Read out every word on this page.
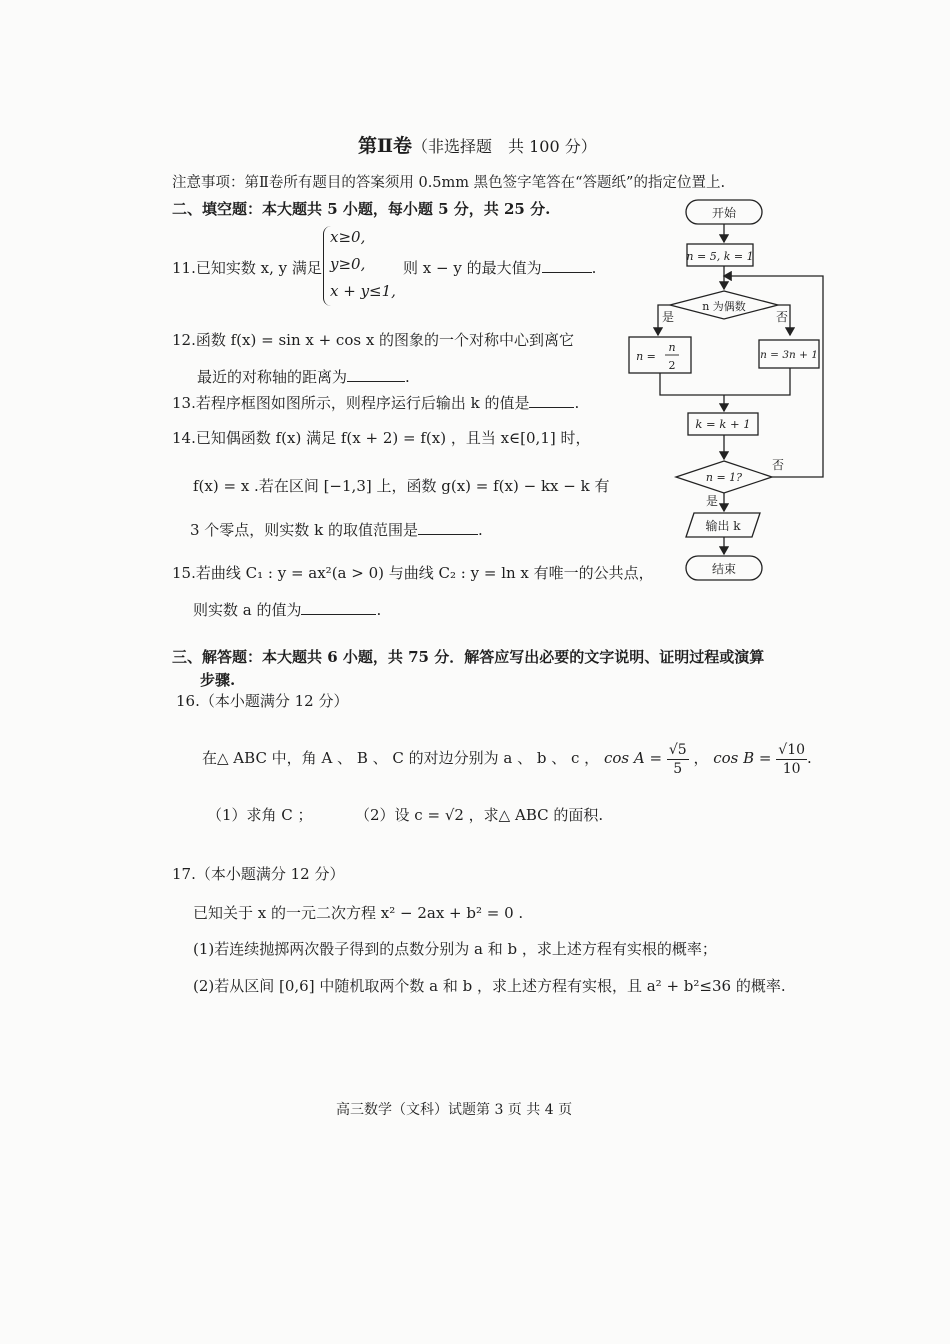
第Ⅱ卷（非选择题　共 100 分）
注意事项：第Ⅱ卷所有题目的答案须用 0.5mm 黑色签字笔答在“答题纸”的指定位置上.
二、填空题：本大题共 5 小题，每小题 5 分，共 25 分.
11.已知实数 x, y 满足
x≥0,
y≥0,
x + y≤1,
则 x − y 的最大值为	.
12.函数 f(x) = sin x + cos x 的图象的一个对称中心到离它
最近的对称轴的距离为	.
13.若程序框图如图所示，则程序运行后输出 k 的值是	.
14.已知偶函数 f(x) 满足 f(x + 2) = f(x) ，且当 x∈[0,1] 时，
f(x) = x .若在区间 [−1,3] 上，函数 g(x) = f(x) − kx − k 有
3 个零点，则实数 k 的取值范围是	.
15.若曲线 C₁ : y = ax²(a > 0) 与曲线 C₂ : y = ln x 有唯一的公共点，
则实数 a 的值为	.
开始
n = 5, k = 1
n 为偶数
是	否
n =
n
2
n = 3n + 1
k = k + 1
n = 1?
否
是
输出 k
结束
三、解答题：本大题共 6 小题，共 75 分．解答应写出必要的文字说明、证明过程或演算
步骤.
16.（本小题满分 12 分）
在△ ABC 中，角 A 、 B 、 C 的对边分别为 a 、 b 、 c ， $\cos A = \frac{√5}{5}$ ， $\cos B = \frac{√10}{10}$ .
（1）求角 C ；	（2）设 c = √2 ，求△ ABC 的面积.
17.（本小题满分 12 分）
已知关于 x 的一元二次方程 x² − 2ax + b² = 0 .
(1)若连续抛掷两次骰子得到的点数分别为 a 和 b ，求上述方程有实根的概率；
(2)若从区间 [0,6] 中随机取两个数 a 和 b ，求上述方程有实根，且 a² + b²≤36 的概率.
高三数学（文科）试题第 3 页 共 4 页
